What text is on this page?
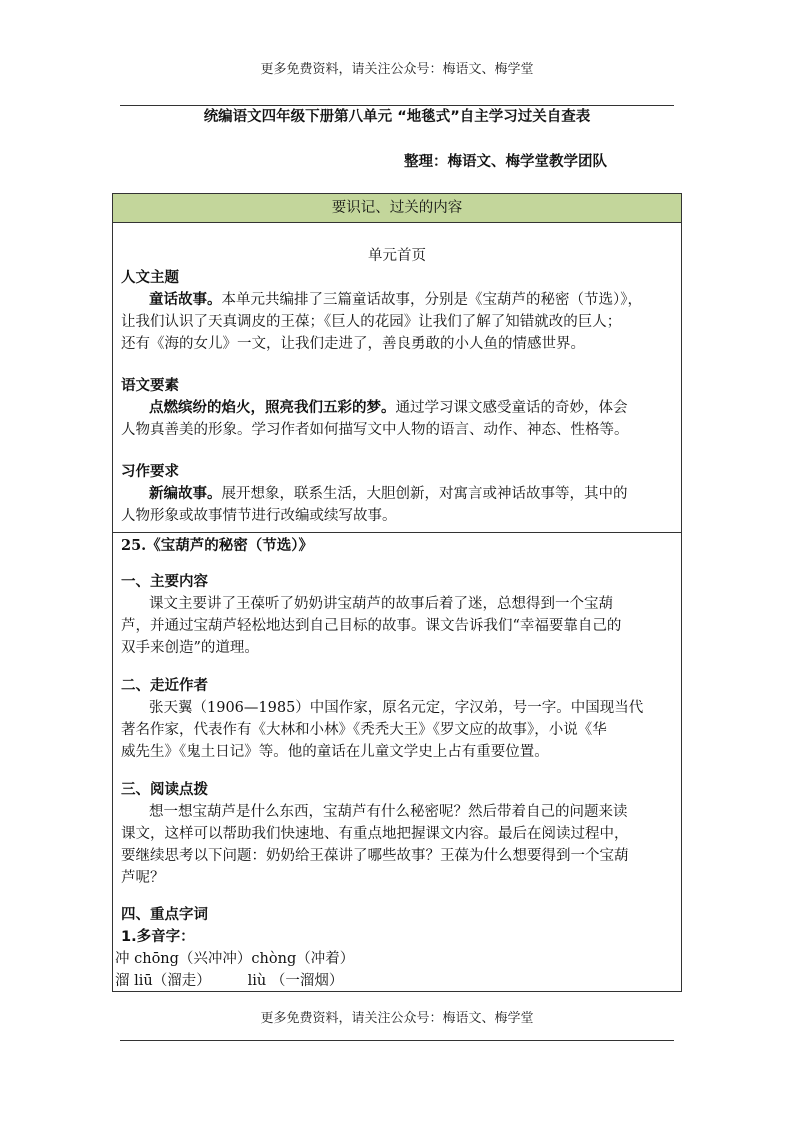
更多免费资料，请关注公众号：梅语文、梅学堂
统编语文四年级下册第八单元 “地毯式”自主学习过关自查表
整理：梅语文、梅学堂教学团队
要识记、过关的内容
单元首页
人文主题
童话故事。本单元共编排了三篇童话故事，分别是《宝葫芦的秘密（节选）》，
让我们认识了天真调皮的王葆；《巨人的花园》让我们了解了知错就改的巨人；
还有《海的女儿》一文，让我们走进了，善良勇敢的小人鱼的情感世界。
语文要素
点燃缤纷的焰火，照亮我们五彩的梦。通过学习课文感受童话的奇妙，体会
人物真善美的形象。学习作者如何描写文中人物的语言、动作、神态、性格等。
习作要求
新编故事。展开想象，联系生活，大胆创新，对寓言或神话故事等，其中的
人物形象或故事情节进行改编或续写故事。
25.《宝葫芦的秘密（节选）》
一、主要内容
课文主要讲了王葆听了奶奶讲宝葫芦的故事后着了迷，总想得到一个宝葫
芦，并通过宝葫芦轻松地达到自己目标的故事。课文告诉我们“幸福要靠自己的
双手来创造”的道理。
二、走近作者
张天翼（1906—1985）中国作家，原名元定，字汉弟，号一字。中国现当代
著名作家，代表作有《大林和小林》《秃秃大王》《罗文应的故事》，小说《华
威先生》《鬼土日记》等。他的童话在儿童文学史上占有重要位置。
三、阅读点拨
想一想宝葫芦是什么东西，宝葫芦有什么秘密呢？然后带着自己的问题来读
课文，这样可以帮助我们快速地、有重点地把握课文内容。最后在阅读过程中，
要继续思考以下问题：奶奶给王葆讲了哪些故事？王葆为什么想要得到一个宝葫
芦呢？
四、重点字词
1.多音字：
冲 chōng（兴冲冲）chòng（冲着）
溜 liū（溜走）        liù （一溜烟）
更多免费资料，请关注公众号：梅语文、梅学堂
